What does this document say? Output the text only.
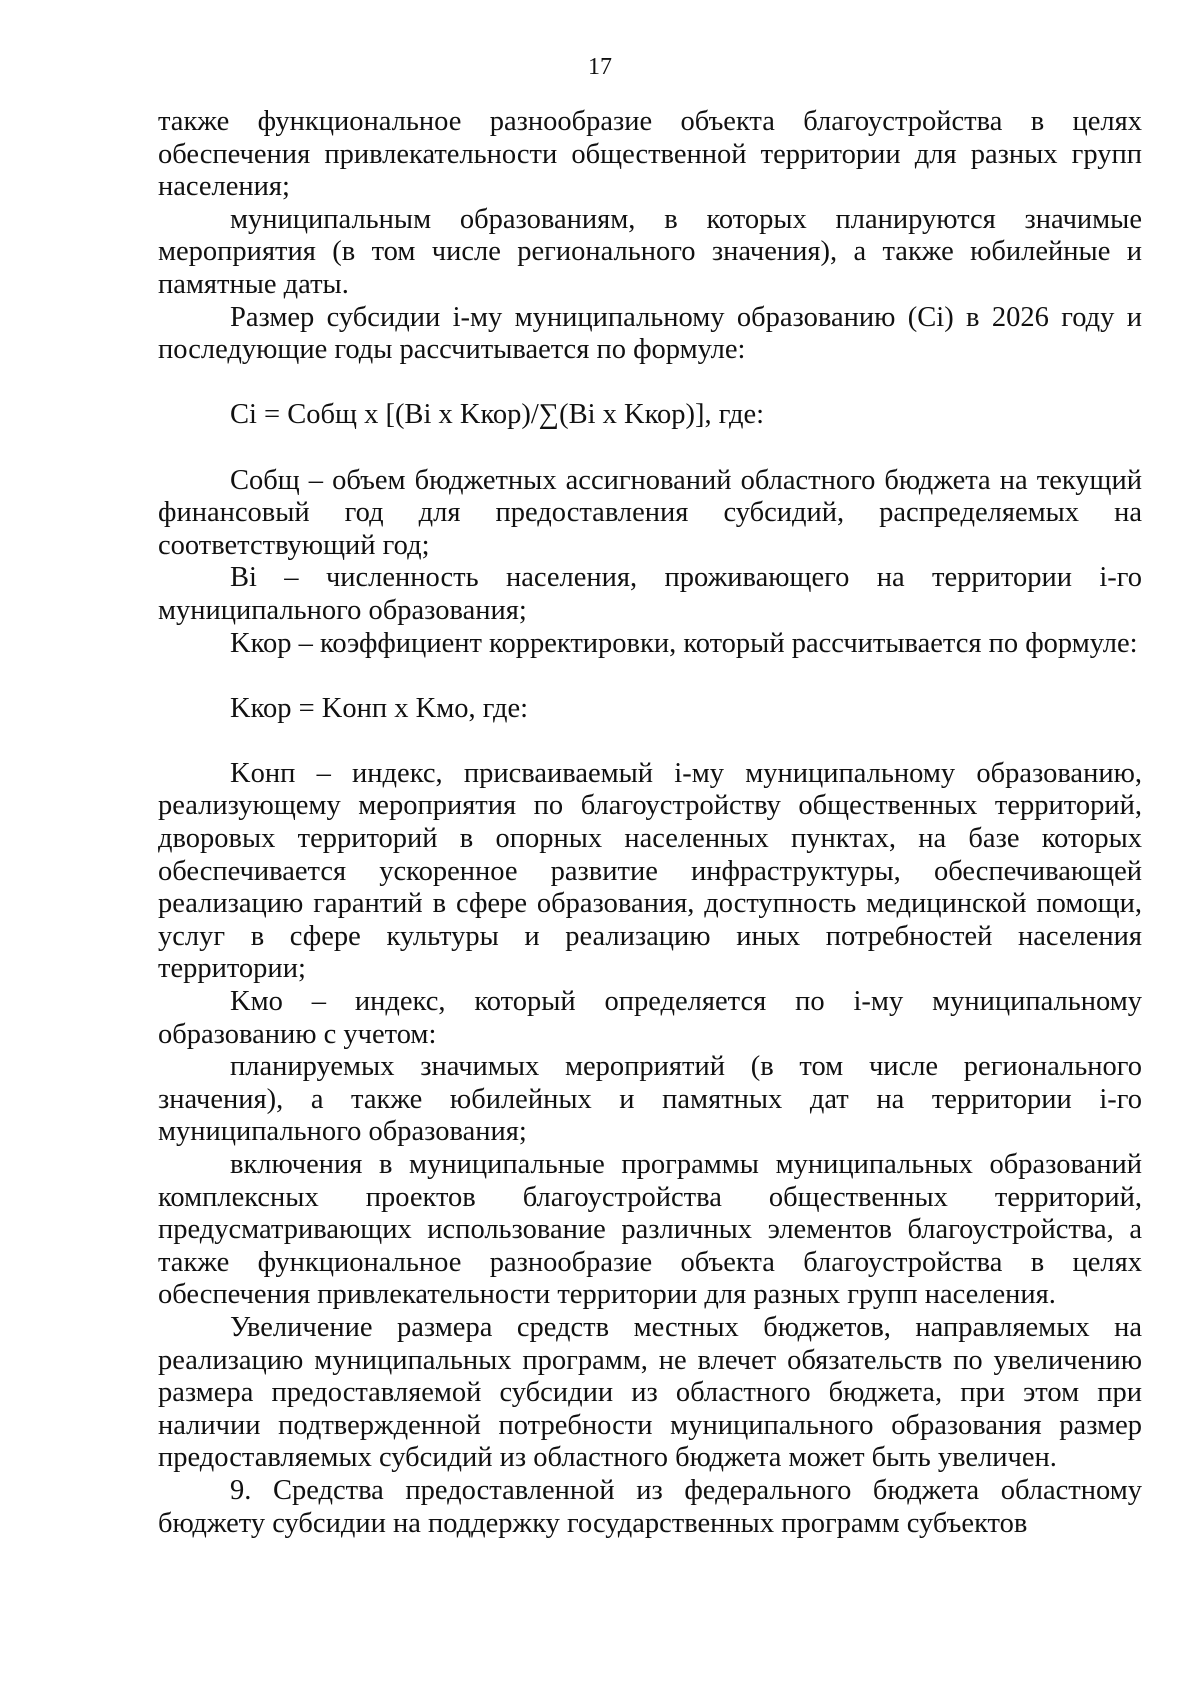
17

также функциональное разнообразие объекта благоустройства в целях обеспечения привлекательности общественной территории для разных групп населения;

муниципальным образованиям, в которых планируются значимые мероприятия (в том числе регионального значения), а также юбилейные и памятные даты.

Размер субсидии i-му муниципальному образованию (Ci) в 2026 году и последующие годы рассчитывается по формуле:

Ci = Cобщ х [(Bi х Kкор)/∑(Bi х Kкор)], где:

Cобщ – объем бюджетных ассигнований областного бюджета на текущий финансовый год для предоставления субсидий, распределяемых на соответствующий год;

Bi – численность населения, проживающего на территории i-го муниципального образования;

Kкор – коэффициент корректировки, который рассчитывается по формуле:

Kкор = Kонп х Kмо, где:

Kонп – индекс, присваиваемый i-му муниципальному образованию, реализующему мероприятия по благоустройству общественных территорий, дворовых территорий в опорных населенных пунктах, на базе которых обеспечивается ускоренное развитие инфраструктуры, обеспечивающей реализацию гарантий в сфере образования, доступность медицинской помощи, услуг в сфере культуры и реализацию иных потребностей населения территории;

Kмо – индекс, который определяется по i-му муниципальному образованию с учетом:

планируемых значимых мероприятий (в том числе регионального значения), а также юбилейных и памятных дат на территории i-го муниципального образования;

включения в муниципальные программы муниципальных образований комплексных проектов благоустройства общественных территорий, предусматривающих использование различных элементов благоустройства, а также функциональное разнообразие объекта благоустройства в целях обеспечения привлекательности территории для разных групп населения.

Увеличение размера средств местных бюджетов, направляемых на реализацию муниципальных программ, не влечет обязательств по увеличению размера предоставляемой субсидии из областного бюджета, при этом при наличии подтвержденной потребности муниципального образования размер предоставляемых субсидий из областного бюджета может быть увеличен.

9. Средства предоставленной из федерального бюджета областному бюджету субсидии на поддержку государственных программ субъектов
